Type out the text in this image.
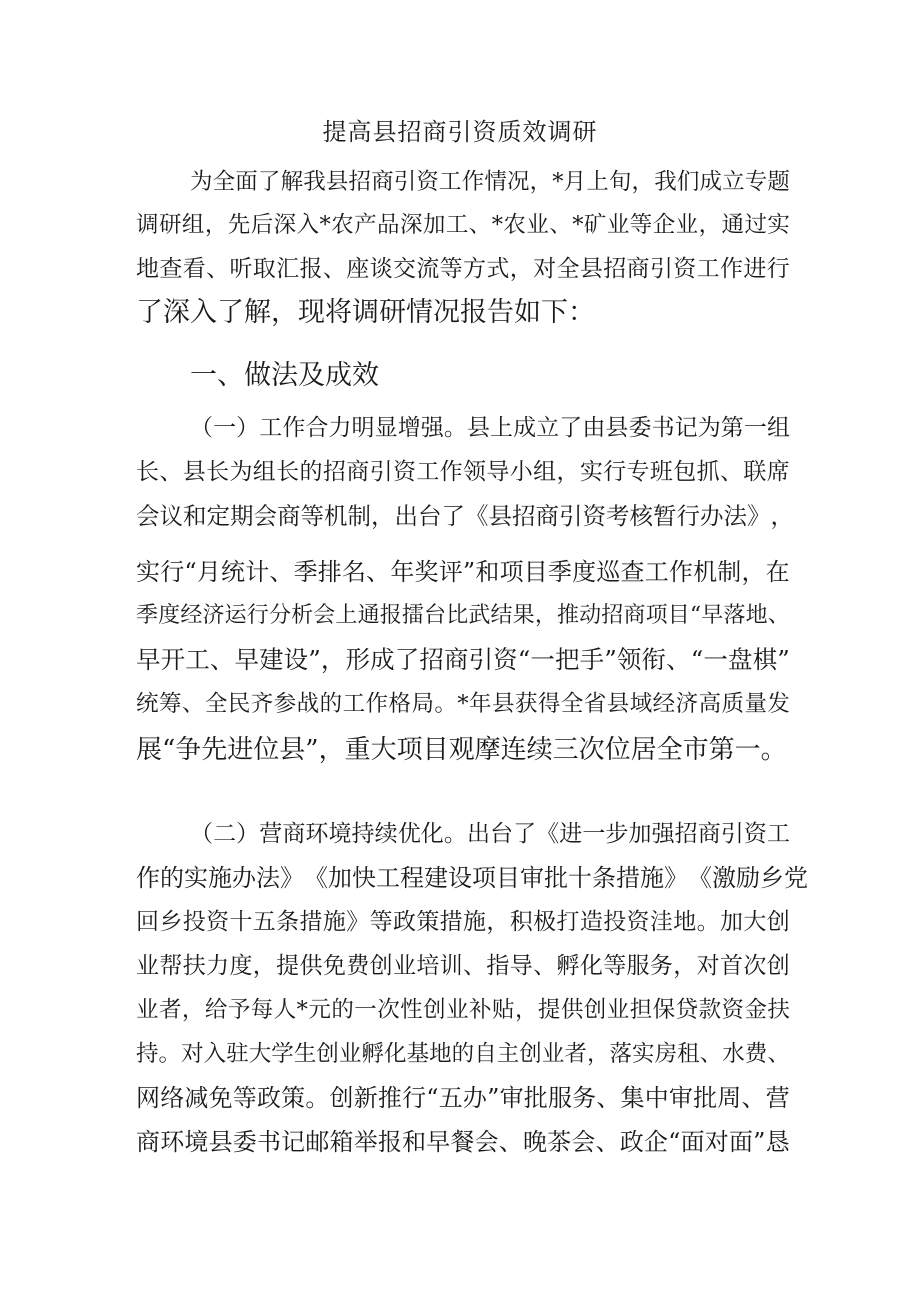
提高县招商引资质效调研

为 全 面 了 解 我 县 招 商 引 资 工 作 情 况 ， * 月 上 旬 ， 我 们 成 立 专 题

调 研 组 ， 先 后 深 入 * 农 产 品 深 加 工 、 * 农 业 、 * 矿 业 等 企 业 ， 通 过 实

地 查 看 、 听 取 汇 报 、 座 谈 交 流 等 方 式 ， 对 全 县 招 商 引 资 工 作 进 行

了深入了解，现将调研情况报告如下：

一、做法及成效

（ 一 ） 工 作 合 力 明 显 增 强 。 县 上 成 立 了 由 县 委 书 记 为 第 一 组

长 、 县 长 为 组 长 的 招 商 引 资 工 作 领 导 小 组 ， 实 行 专 班 包 抓 、 联 席

会 议 和 定 期 会 商 等 机 制 ， 出 台 了 《 县 招 商 引 资 考 核 暂 行 办 法 》 ，

实 行 “ 月 统 计 、 季 排 名 、 年 奖 评 ” 和 项 目 季 度 巡 查 工 作 机 制 ， 在

季 度 经 济 运 行 分 析 会 上 通 报 擂 台 比 武 结 果 ， 推 动 招 商 项 目 “ 早 落 地 、

早 开 工 、 早 建 设 ” ， 形 成 了 招 商 引 资 “ 一 把 手 ” 领 衔 、 “ 一 盘 棋 ”

统 筹 、 全 民 齐 参 战 的 工 作 格 局 。 * 年 县 获 得 全 省 县 域 经 济 高 质 量 发

展“争先进位县”，重大项目观摩连续三次位居全市第一。

（ 二 ） 营 商 环 境 持 续 优 化 。 出 台 了 《 进 一 步 加 强 招 商 引 资 工

作 的 实 施 办 法 》 《 加 快 工 程 建 设 项 目 审 批 十 条 措 施 》 《 激 励 乡 党

回 乡 投 资 十 五 条 措 施 》 等 政 策 措 施 ， 积 极 打 造 投 资 洼 地 。 加 大 创

业 帮 扶 力 度 ， 提 供 免 费 创 业 培 训 、 指 导 、 孵 化 等 服 务 ， 对 首 次 创

业 者 ， 给 予 每 人 * 元 的 一 次 性 创 业 补 贴 ， 提 供 创 业 担 保 贷 款 资 金 扶

持 。 对 入 驻 大 学 生 创 业 孵 化 基 地 的 自 主 创 业 者 ， 落 实 房 租 、 水 费 、

网 络 减 免 等 政 策 。 创 新 推 行 “ 五 办 ” 审 批 服 务 、 集 中 审 批 周 、 营

商 环 境 县 委 书 记 邮 箱 举 报 和 早 餐 会 、 晚 茶 会 、 政 企 “ 面 对 面 ” 恳
